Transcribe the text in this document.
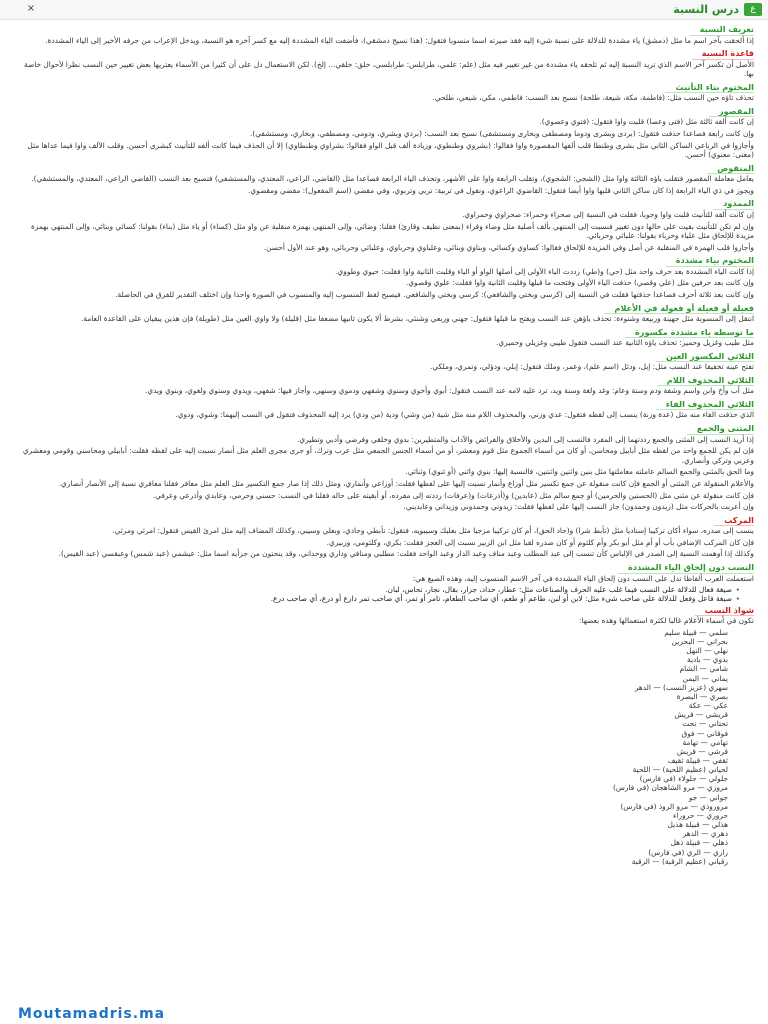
×	ع
درس النسبة
تعريف النسبة
إذا ألحقت بآخر اسم ما مثل (دمشق) ياء مشددة للدلالة على نسبة شيء إليه فقد صيرته اسما منسوبا فتقول: (هذا نسيج دمشقي)، فأضفت الياء المشددة إليه مع كسر آخره هو النسبة، ويدخل الإعراب من حرفه الأخير إلى الياء المشددة.
قاعدة النسبة
الأصل أن تكسر آخر الاسم الذي تريد النسبة إليه ثم تلحقه ياء مشددة من غير تغيير فيه مثل (علم: علمي، طرابلس: طرابلسي، خلق: خلقي... إلخ). لكن الاستعمال دل على أن كثيرا من الأسماء يعتريها بعض تغيير حين النسب نظرا لأحوال خاصة بها.
المختوم بتاء التأنيث
تحذف تاؤه حين النسب مثل: (فاطمة، مكة، شيعة، طلحة) نسبح بعد النسب: فاطمي، مكي، شيعي، طلحي.
المقصور
إن كانت ألفه ثالثة مثل (فتى وعصا) قلبت واوا فتقول: (فتوي وعصوي).
وإن كانت رابعة فصاعدا حذفت فتقول: (بردى وبشرى ودوما ومصطفى وبخارى ومستشفى) نسبح بعد النسب: (بردي وبشري، ودومي، ومصطفي، وبخاري، ومستشفي).
وأجازوا في الرباعي الساكن الثاني مثل بشرى وطنطا قلب ألفها المقصورة واوا فقالوا: (بشروي وطنطوي، وزيادة ألف قبل الواو فقالوا: بشراوي وطنطاوي) إلا أن الحذف فيما كانت ألفه للتأنيث كبشرى أحسن. وقلب الألف واوا فيما عداها مثل (معنى: معنوي) أحسن.
المنقوص
يعامل معاملة المقصور فتقلب ياؤه الثالثة واوا مثل (الشجي: الشجوي)، وتقلب الرابعة واوا على الأشهر، وتحذف الياء الرابعة فصاعدا مثل (القاضي، الراعي، المعتدي، والمستشفي) فتصبح بعد النسب (القاضي الراعي، المعتدي، والمستشفي).
ويجوز في ذي الياء الرابعة إذا كان ساكن الثاني قلبها واوا أيضا فتقول: القاضوي الراعوي، ونقول في تربية: تربي وتربوي، وفي مقضي (اسم المفعول): مقضي ومقضوي.
الممدود
إن كانت ألفه للتأنيث قلبت واوا وجوبا، فقلت في النسبة إلى صحراء وحمراء: صحراوي وحمراوي.
وإن لم تكن للتأنيث بقيت على حالها دون تغيير فنسبت إلى المنتهي بألف أصلية مثل وضاء وقراء (بمعنى نظيف وقارئ) فقلنا: وضائي، وإلى المنتهي بهمزة منقلبة عن واو مثل (كساء) أو ياء مثل (بناء) بقولنا: كسائي وبنائي، وإلى المنتهي بهمزة مزيدة للإلحاق مثل علباء وحرباء بقولنا: علبائي وحربائي.
وأجازوا قلب الهمزة في المنقلبة عن أصل وفي المزيدة للإلحاق فقالوا: كساوي وكسائي، وبناوي وبنائي، وعلباوي وحرباوي، وعلبائي وحربائي، وهو عند الأول أحسن.
المختوم بياء مشددة
إذا كانت الياء المشددة بعد حرف واحد مثل (حي) و(طي) رددت الياء الأولى إلى أصلها الواو أو الياء وقلبت الثانية واوا فقلت: حيوي وطووي.
وإن كانت بعد حرفين مثل (علي وقصي) حذفت الياء الأولى وفتحت ما قبلها وقلبت الثانية واوا فقلت: علوي وقصوي.
وإن كانت بعد ثلاثة أحرف فصاعدا حذفتها فقلت في النسبة إلى (كرسي وبختي والشافعي): كرسي وبختي والشافعي. فيصبح لفظ المنسوب إليه والمنسوب في الصورة واحدا وإن اختلف التقدير للفرق في الحاصلة.
فعيلة أو فعيلة أو فعولة في الأعلام
انتقل إلى المنسوبة مثل جهينة وربيعة وشنوءة: تحذف ياؤهن عند النسب ويفتح ما قبلها فتقول: جهني وربعي وشنئي، بشرط ألا يكون ثانيها مضعفا مثل (قليلة) ولا واوي العين مثل (طويلة) فإن هذين يبقيان على القاعدة العامة.
ما توسطه ياء مشددة مكسورة
مثل طيب وغزيل وحمير: تحذف ياؤه الثانية عند النسب فتقول طيبي وغزيلي وحميري.
الثلاثي المكسور العين
تفتح عينه تخفيفا عند النسب مثل: إبل، ودئل (اسم علم)، وعمر، وملك فتقول: إبلي، ودؤلي، وتمري، وملكي.
الثلاثي المحذوف اللام
مثل أب وأخ وابن واسم وشفة ودم وسنة وعام: وغد ولغة وسنة ويد، ترد عليه لامه عند النسب فتقول: أبوي وأخوي وسنوي وشفهي ودموي وسنهي، وأجاز فيها: شفهي، ويدوي وسنوي ولغوي، وبنوي ويدي.
الثلاثي المحذوف الفاء
الذي حذفت الفاء منه مثل (عدة وزنة) ينسب إلى لفظه فتقول: عدي وزني، والمحذوف اللام منه مثل شية (من وشي) ودية (من ودي) يرد إليه المحذوف فتقول في النسب إليهما: وشوي، ودوي.
المثنى والجمع
إذا أريد النسب إلى المثنى والجمع رددتهما إلى المفرد فالنسب إلى البدين والأخلاق والفرائض والآداب والمتطيرين: بدوي وخلقي وفرضي وأدبي وتطيري.
فإن لم يكن للجمع واحد من لفظه مثل أبابيل ومحاسن، أو كان من أسماء الجموع مثل قوم ومعشر، أو من أسماء الجنس الجمعي مثل عرب وترك، أو جرى مجرى العلم مثل أنصار نسبت إليه على لفظه فقلت: أبابيلي ومحاسني وقومي ومعشري وعربي وتركي وأنصاري.
وما الحق بالمثنى والجمع السالم عاملته معاملتها مثل بنين واثنين واثنتين، فالنسبة إليها: بنوي واثني (أو ثنوي) وثنائي.
والأعلام المنقولة عن المثنى أو الجمع فإن كانت منقولة عن جمع تكسير مثل أوزاع وأنمار نسبت إليها على لفظها فقلت: أوزاعي وأنماري، ومثل ذلك إذا صار جمع التكسير مثل العلم مثل معافر فقلنا معافري نسبة إلى الأنصار أنصاري.
فإن كانت منقولة عن مثنى مثل (الحسنين والحرمين) أو جمع سالم مثل (عابدين) و(أذرعات) و(عرفات) رددته إلى مفرده، أو أبقيته على حاله فقلنا في النسب: حسني وحرمي، وعابدي وأذرعي وعرفي.
وإن أعربت بالحركات مثل (زيدون وحمدون) جاز النسب إليها على لفظها فقلت: زيدوني وحمدوني وزيداني وعابديني.
المركب
ينسب إلى صدره، سواء أكان تركيبا إسناديا مثل (تأبط شرا) و(جاد الحق)، أم كان تركيبا مزجيا مثل بعلبك وسيبويه، فتقول: تأبطي وجادي، وبعلي وسيبي، وكذلك المضاف إليه مثل امرئ القيس فتقول: امرئي ومرئي.
فإن كان المركب الإضافي بأب أو أم مثل أبو بكر وأم كلثوم أو كان صدره لقبا مثل ابن الزبير نسبت إلى العجز فقلت: بكري، وكلثومي، وزبيري.
وكذلك إذا أوهمت النسبة إلى الصدر في الإلباس كأن تنسب إلى عبد المطلب وعبد مناف وعبد الدار وعبد الواحد فقلت: مطلبي ومنافي وداري ووحداني، وقد ينحتون من جزأيه اسما مثل: عبشمي (عبد شمس) وعبقسي (عبد القيس).
النسب دون إلحاق الياء المشددة
استعملت العرب ألفاظا تدل على النسب دون إلحاق الياء المشددة في آخر الاسم المنسوب إليه، وهذه الصيغ هي:
• صيغة فعال للدلالة على النسب فيما غلب عليه الحرف والصناعات مثل: عطار، حداد، جزار، بقال، نجار، نحاس، لبان.
• صيغة فاعل وفعل للدلالة على صاحب شيء مثل: لابن أو لبن، طاعم أو طعم، أي صاحب الطعام، تامر أو تمر، أي صاحب تمر دارع أو درع، أي صاحب درع.
شواذ النسب
تكون في أسماء الأعلام غالبا لكثرة استعمالها وهذه بعضها:
سلمي — قبيلة سليم
بحراني — البحرين
نهلي — النهل
بدوي — بادية
شامي — الشام
يماني — اليمن
سهري (عزيز النسب) — الدهر
بصري — البصرة
عكي — عكة
قريشي — قريش
تحتاني — تحت
فوقاني — فوق
تهامي — تهامة
قرشي — قريش
ثقفي — قبيلة ثقيف
لحياني (عظيم اللحية) — اللحية
جلولي — جلولاء (في فارس)
مروزي — مرو الشاهجان (في فارس)
جواني — جو
مروروذي — مرو الروذ (في فارس)
حروري — حروراء
هذلي — قبيلة هذيل
دهري — الدهر
ذهلي — قبيلة ذهل
رازي — الري (في فارس)
رقباني (عظيم الرقبة) — الرقبة
Moutamadris.ma
